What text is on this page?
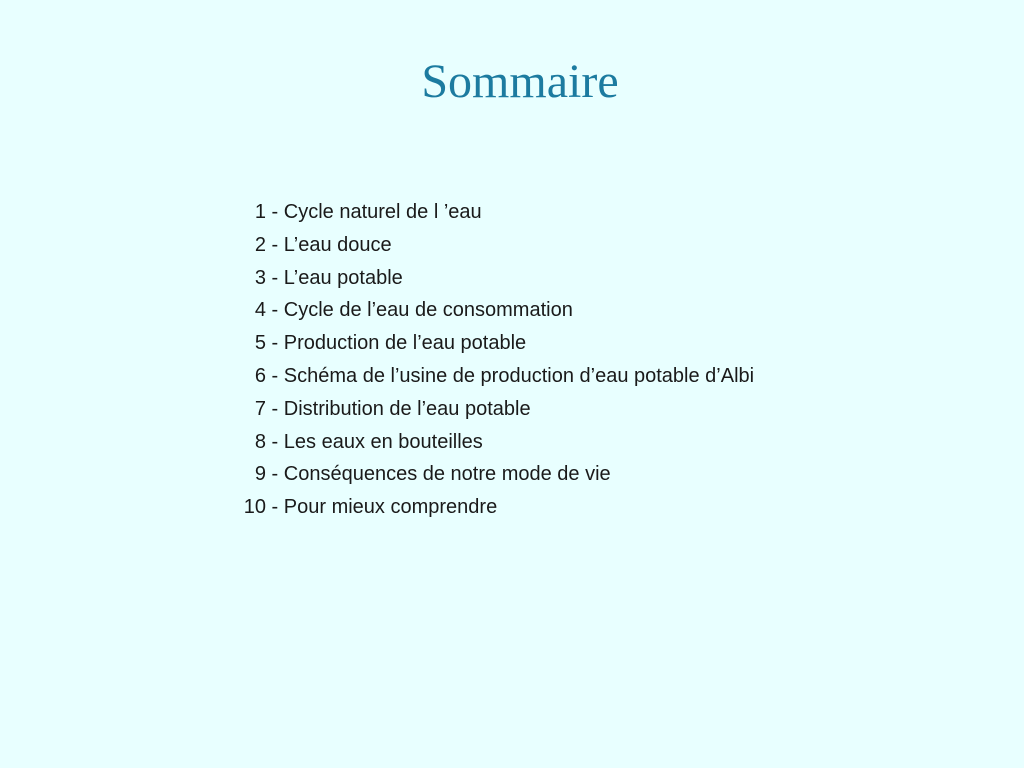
Sommaire
1 - Cycle naturel de l ’eau
2 - L’eau douce
3 - L’eau potable
4 - Cycle de l’eau de consommation
5 - Production de l’eau potable
6 - Schéma de l’usine de production d’eau potable d’Albi
7 - Distribution de l’eau potable
8 - Les eaux en bouteilles
9 - Conséquences de notre mode de vie
10 - Pour mieux comprendre
